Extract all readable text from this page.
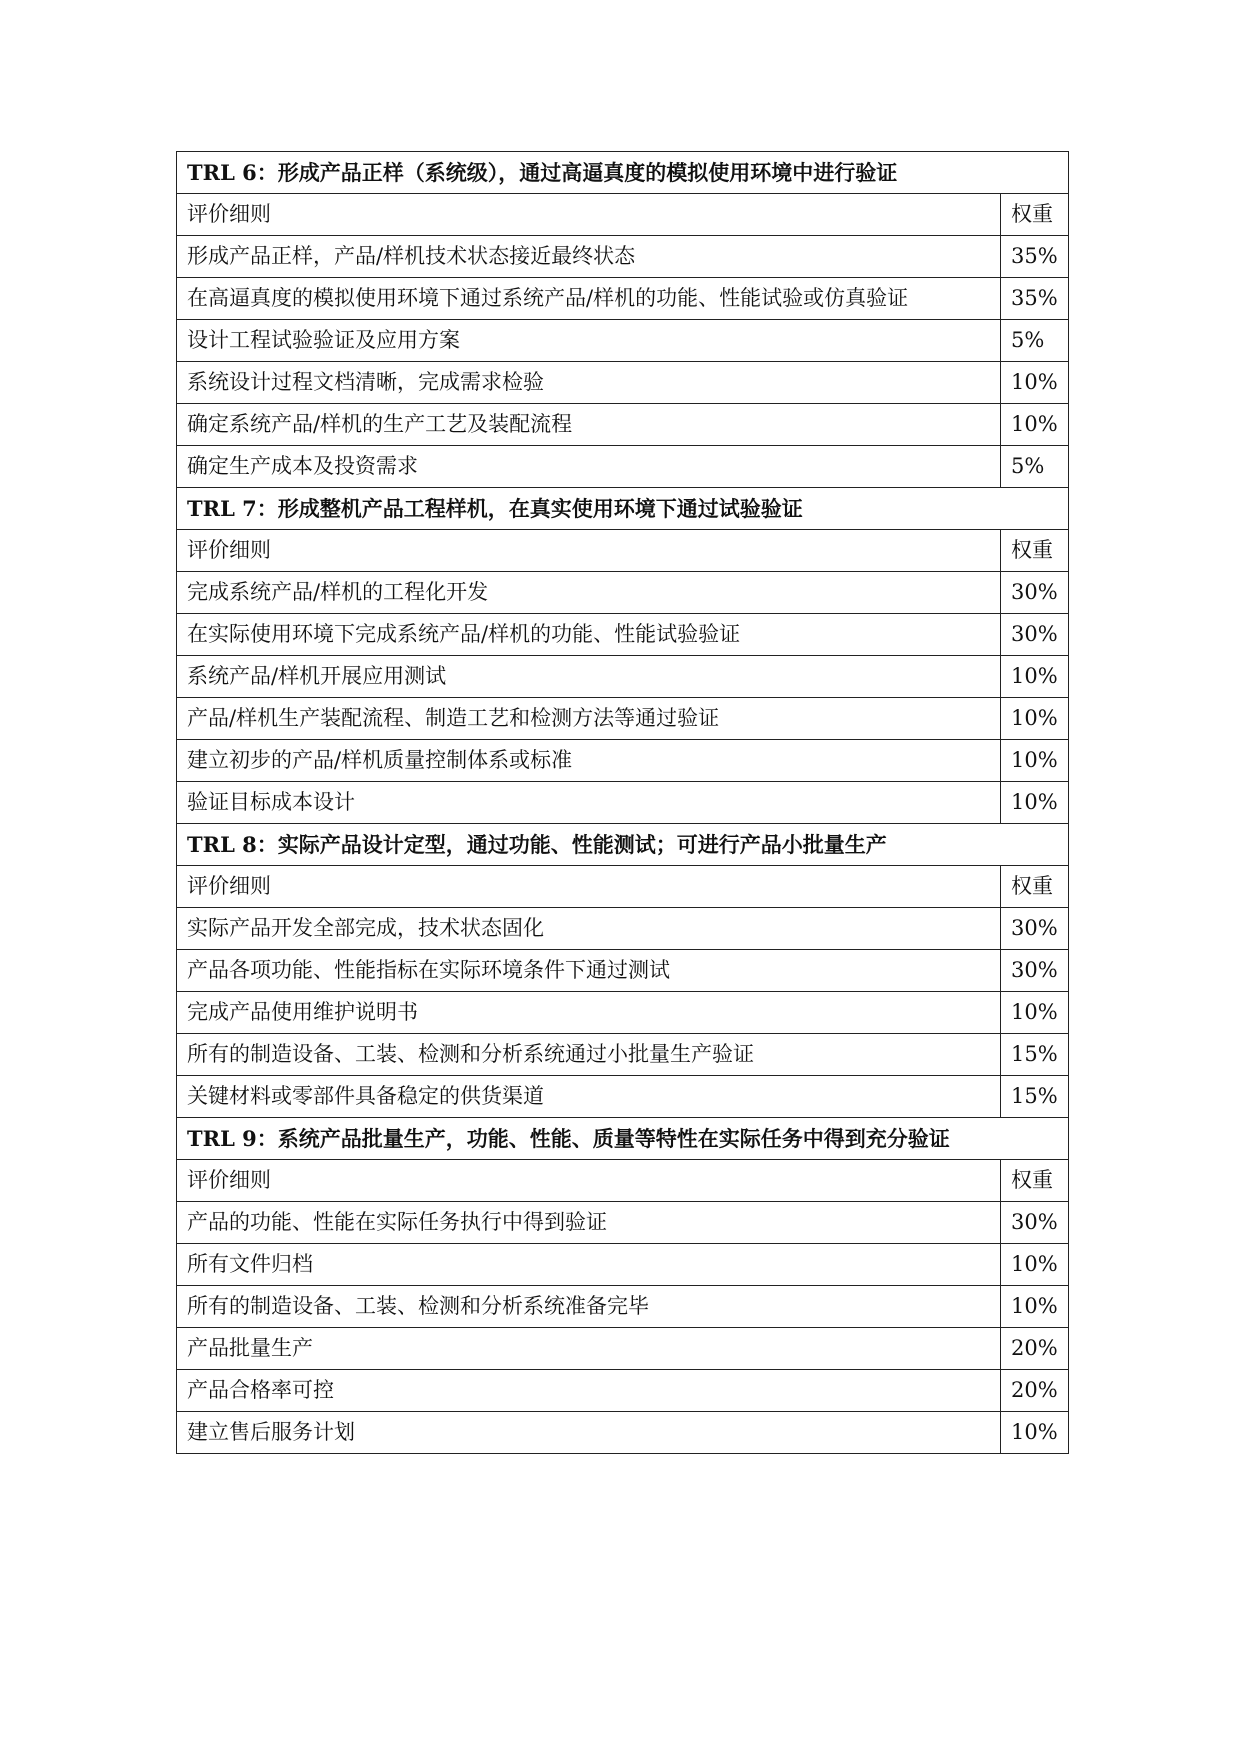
TRL 6：形成产品正样（系统级），通过高逼真度的模拟使用环境中进行验证	
评价细则	权重
形成产品正样，产品/样机技术状态接近最终状态	35%
在高逼真度的模拟使用环境下通过系统产品/样机的功能、性能试验或仿真验证	35%
设计工程试验验证及应用方案	5%
系统设计过程文档清晰，完成需求检验	10%
确定系统产品/样机的生产工艺及装配流程	10%
确定生产成本及投资需求	5%
TRL 7：形成整机产品工程样机，在真实使用环境下通过试验验证	
评价细则	权重
完成系统产品/样机的工程化开发	30%
在实际使用环境下完成系统产品/样机的功能、性能试验验证	30%
系统产品/样机开展应用测试	10%
产品/样机生产装配流程、制造工艺和检测方法等通过验证	10%
建立初步的产品/样机质量控制体系或标准	10%
验证目标成本设计	10%
TRL 8：实际产品设计定型，通过功能、性能测试；可进行产品小批量生产	
评价细则	权重
实际产品开发全部完成，技术状态固化	30%
产品各项功能、性能指标在实际环境条件下通过测试	30%
完成产品使用维护说明书	10%
所有的制造设备、工装、检测和分析系统通过小批量生产验证	15%
关键材料或零部件具备稳定的供货渠道	15%
TRL 9：系统产品批量生产，功能、性能、质量等特性在实际任务中得到充分验证	
评价细则	权重
产品的功能、性能在实际任务执行中得到验证	30%
所有文件归档	10%
所有的制造设备、工装、检测和分析系统准备完毕	10%
产品批量生产	20%
产品合格率可控	20%
建立售后服务计划	10%
